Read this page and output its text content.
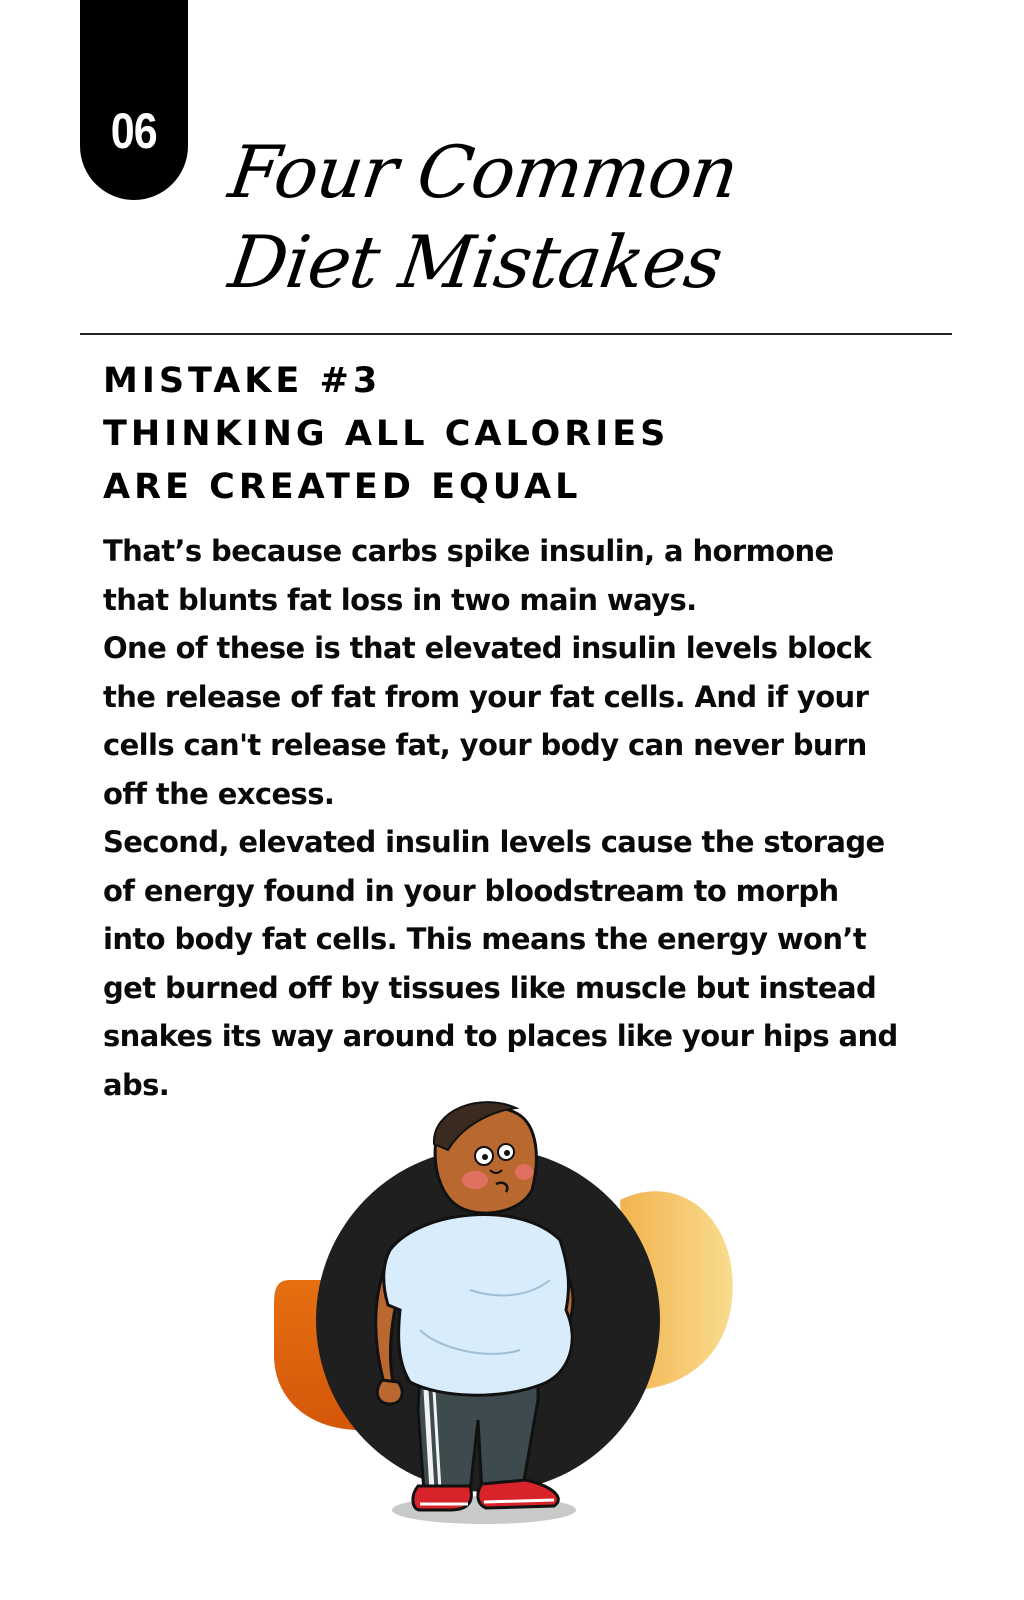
06 Four Common
Diet Mistakes
MISTAKE #3
THINKING ALL CALORIES
ARE CREATED EQUAL
That’s because carbs spike insulin, a hormone
that blunts fat loss in two main ways.
One of these is that elevated insulin levels block
the release of fat from your fat cells. And if your
cells can't release fat, your body can never burn
off the excess.
Second, elevated insulin levels cause the storage
of energy found in your bloodstream to morph
into body fat cells. This means the energy won’t
get burned off by tissues like muscle but instead
snakes its way around to places like your hips and
abs.
